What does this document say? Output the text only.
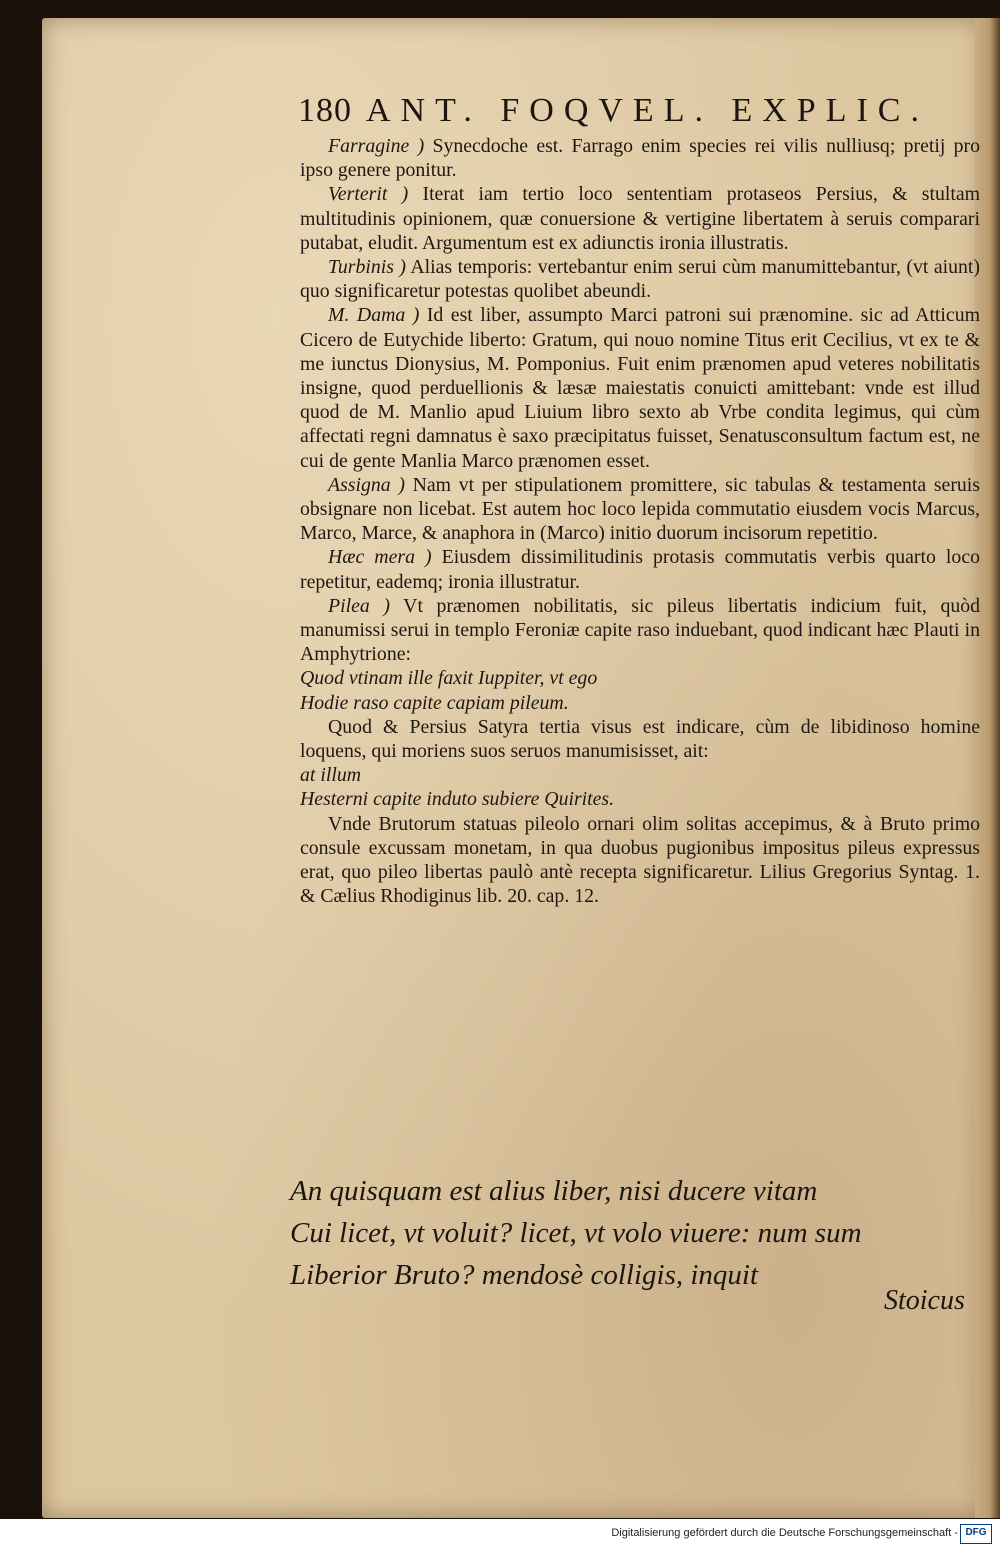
180 ANT. FOQVEL. EXPLIC.

Farragine ) Synecdoche est. Farrago enim species rei vilis nulliusq; pretij pro ipso genere ponitur.

Verterit ) Iterat iam tertio loco sententiam protaseos Persius, & stultam multitudinis opinionem, quæ conuersione & vertigine libertatem à seruis comparari putabat, eludit. Argumentum est ex adiunctis ironia illustratis.

Turbinis ) Alias temporis: vertebantur enim serui cùm manumittebantur, (vt aiunt) quo significaretur potestas quolibet abeundi.

M. Dama ) Id est liber, assumpto Marci patroni sui prænomine. sic ad Atticum Cicero de Eutychide liberto: Gratum, qui nouo nomine Titus erit Cecilius, vt ex te & me iunctus Dionysius, M. Pomponius. Fuit enim prænomen apud veteres nobilitatis insigne, quod perduellionis & læsæ maiestatis conuicti amittebant: vnde est illud quod de M. Manlio apud Liuium libro sexto ab Vrbe condita legimus, qui cùm affectati regni damnatus è saxo præcipitatus fuisset, Senatusconsultum factum est, ne cui de gente Manlia Marco prænomen esset.

Assigna ) Nam vt per stipulationem promittere, sic tabulas & testamenta seruis obsignare non licebat. Est autem hoc loco lepida commutatio eiusdem vocis Marcus, Marco, Marce, & anaphora in (Marco) initio duorum incisorum repetitio.

Hæc mera ) Eiusdem dissimilitudinis protasis commutatis verbis quarto loco repetitur, eademq; ironia illustratur.

Pilea ) Vt prænomen nobilitatis, sic pileus libertatis indicium fuit, quòd manumissi serui in templo Feroniæ capite raso induebant, quod indicant hæc Plauti in Amphytrione:

Quod vtinam ille faxit Iuppiter, vt ego

Hodie raso capite capiam pileum.

Quod & Persius Satyra tertia visus est indicare, cùm de libidinoso homine loquens, qui moriens suos seruos manumisisset, ait:

at illum

Hesterni capite induto subiere Quirites.

Vnde Brutorum statuas pileolo ornari olim solitas accepimus, & à Bruto primo consule excussam monetam, in qua duobus pugionibus impositus pileus expressus erat, quo pileo libertas paulò antè recepta significaretur. Lilius Gregorius Syntag. 1. & Cælius Rhodiginus lib. 20. cap. 12.

An quisquam est alius liber, nisi ducere vitam

Cui licet, vt voluit? licet, vt volo viuere: num sum

Liberior Bruto? mendosè colligis, inquit

Stoicus
Digitalisierung gefördert durch die Deutsche Forschungsgemeinschaft - DFG
